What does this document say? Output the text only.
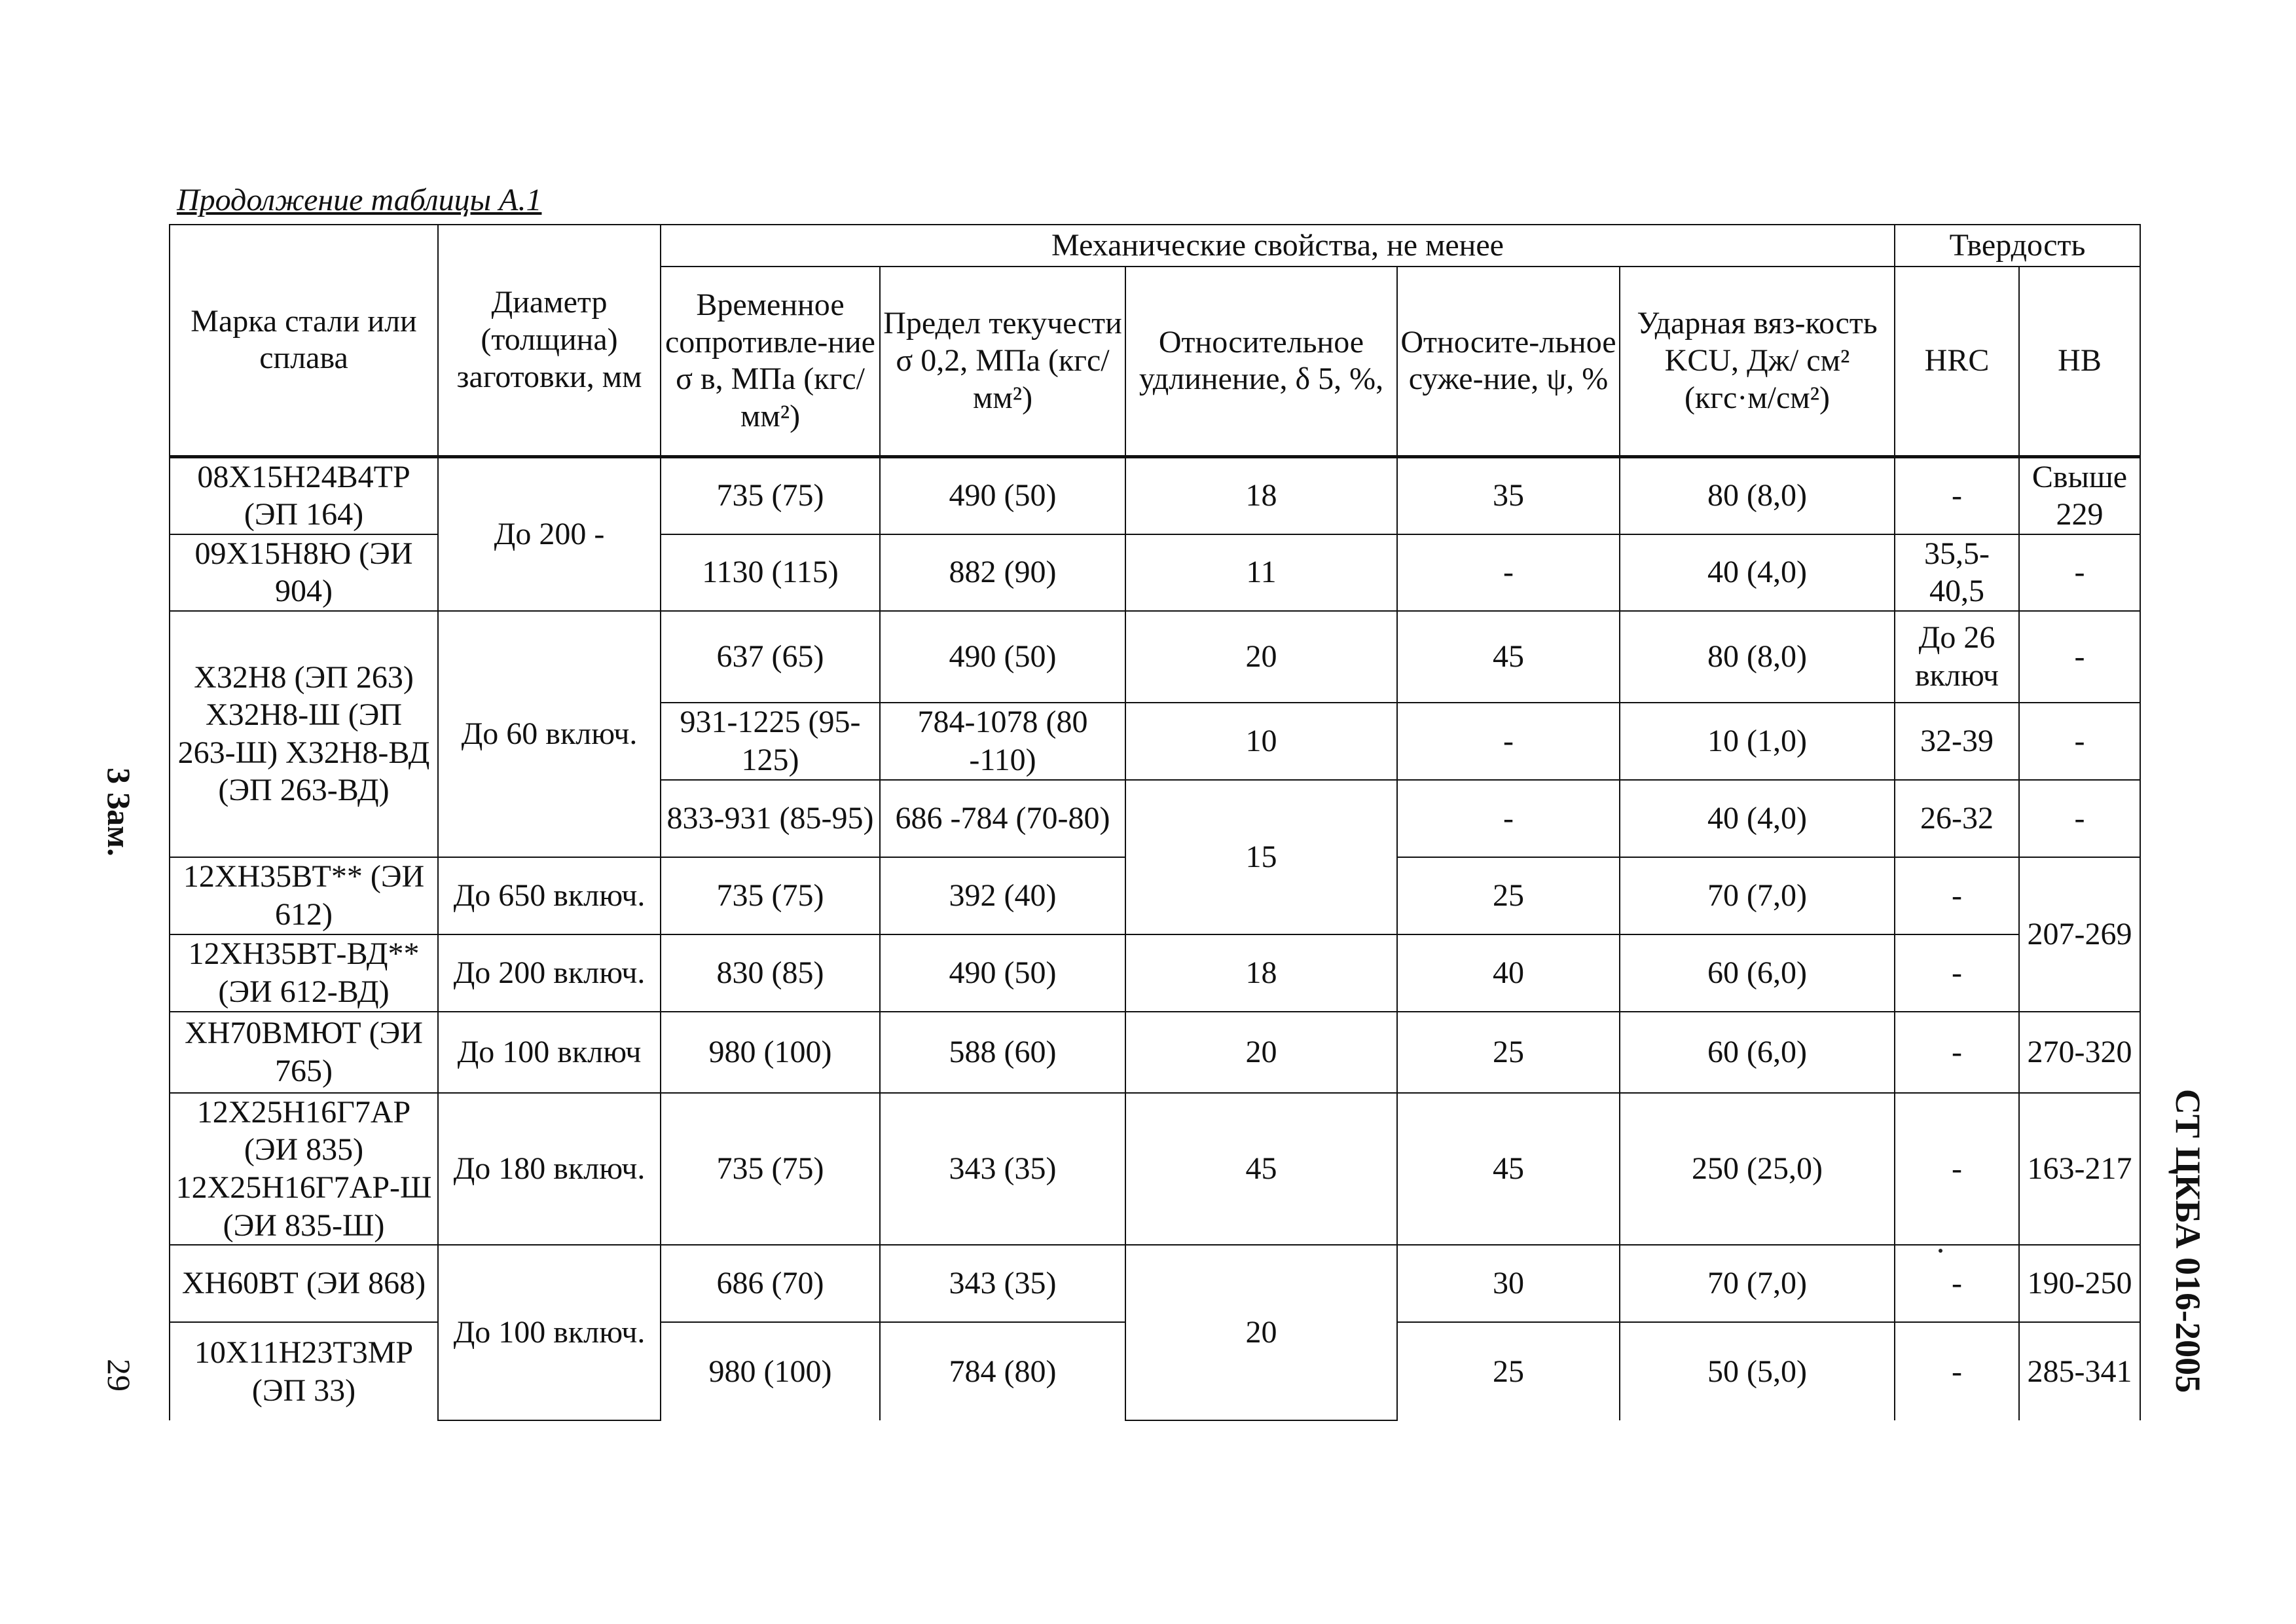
Продолжение таблицы А.1
Марка стали или сплава	Диаметр (толщина) заготовки, мм	Механические свойства, не менее					Твердость	
		Временное сопротивле-ние σ в, МПа (кгс/мм²)	Предел текучести σ 0,2, МПа (кгс/мм²)	Относительное удлинение, δ 5, %,	Относите-льное суже-ние, ψ, %	Ударная вяз-кость KCU, Дж/ см² (кгс·м/см²)	HRC	HB
08Х15Н24В4ТР (ЭП 164)	До 200 -	735 (75)	490 (50)	18	35	80 (8,0)	-	Свыше 229
09Х15Н8Ю (ЭИ 904)		1130 (115)	882 (90)	11	-	40 (4,0)	35,5- 40,5	-
Х32Н8 (ЭП 263) Х32Н8-Ш (ЭП 263-Ш) Х32Н8-ВД (ЭП 263-ВД)	До 60 включ.	637 (65)	490 (50)	20	45	80 (8,0)	До 26 включ	-
		931-1225 (95-125)	784-1078 (80 -110)	10	-	10 (1,0)	32-39	-
		833-931 (85-95)	686 -784 (70-80)	15	-	40 (4,0)	26-32	-
12ХН35ВТ** (ЭИ 612)	До 650 включ.	735 (75)	392 (40)		25	70 (7,0)	-	207-269
12ХН35ВТ-ВД** (ЭИ 612-ВД)	До 200 включ.	830 (85)	490 (50)	18	40	60 (6,0)	-	
ХН70ВМЮТ (ЭИ 765)	До 100 включ	980 (100)	588 (60)	20	25	60 (6,0)	-	270-320
12Х25Н16Г7АР (ЭИ 835) 12Х25Н16Г7АР-Ш (ЭИ 835-Ш)	До 180 включ.	735 (75)	343 (35)	45	45	250 (25,0)	-	163-217
ХН60ВТ (ЭИ 868)	До 100 включ.	686 (70)	343 (35)	20	30	70 (7,0)	-	190-250
10Х11Н23Т3МР (ЭП 33)		980 (100)	784 (80)		25	50 (5,0)	-	285-341
3 Зам.
29	СТ ЦКБА 016-2005
